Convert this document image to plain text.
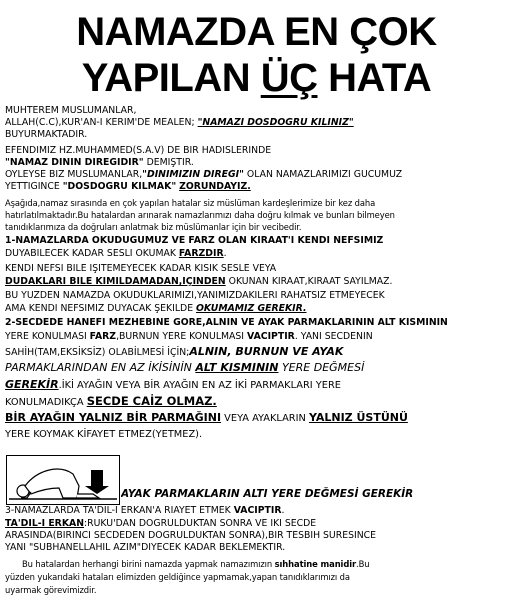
NAMAZDA EN ÇOK
YAPILAN ÜÇ HATA
MUHTEREM MÜSLÜMANLAR,
ALLAH(C.C),KUR'AN-I KERİM'DE MEALEN; "NAMAZI DOSDOĞRU KILINIZ"
BUYURMAKTADIR.
EFENDİMİZ HZ.MUHAMMED(S.A.V) DE BİR HADİSLERİNDE
"NAMAZ DİNİN DİREĞİDİR" DEMİŞTİR.
ÖYLEYSE BİZ MÜSLÜMANLAR,"DİNİMİZİN DİREĞİ" OLAN NAMAZLARIMIZI GÜCÜMÜZ
YETTİĞİNCE "DOSDOĞRU KILMAK" ZORUNDAYIZ.
Aşağıda,namaz sırasında en çok yapılan hatalar siz müslüman kardeşlerimize bir kez daha
hatırlatılmaktadır.Bu hatalardan arınarak namazlarımızı daha doğru kılmak ve bunları bilmeyen
tanıdıklarımıza da doğruları anlatmak biz müslümanlar için bir vecibedir.
1-NAMAZLARDA OKUDUĞUMUZ VE FARZ OLAN KIRAAT'İ KENDİ NEFSİMİZ
DUYABİLECEK KADAR SESLİ OKUMAK FARZDIR.
KENDİ NEFSİ BİLE İŞİTEMEYECEK KADAR KISIK SESLE VEYA
DUDAKLARI BİLE KIMILDAMADAN,İÇİNDEN OKUNAN KIRAAT,KIRAAT SAYILMAZ.
BU YÜZDEN NAMAZDA OKUDUKLARIMIZI,YANIMIZDAKİLERİ RAHATSIZ ETMEYECEK
AMA KENDİ NEFSİMİZ DUYACAK ŞEKİLDE OKUMAMIZ GEREKİR.
2-SECDEDE HANEFİ MEZHEBİNE GÖRE,ALNIN VE AYAK PARMAKLARININ ALT KISMININ
YERE KONULMASI FARZ,BURNUN YERE KONULMASI VACİPTİR. YANİ SECDENİN
SAHİH(TAM,EKSİKSİZ) OLABİLMESİ İÇİN;ALNIN, BURNUN VE AYAK
PARMAKLARINDAN EN AZ İKİSİNİN ALT KISMININ YERE DEĞMESİ
GEREKİR.İKİ AYAĞIN VEYA BİR AYAĞIN EN AZ İKİ PARMAKLARI YERE
KONULMADIKÇA SECDE CAİZ OLMAZ.
BİR AYAĞIN YALNIZ BİR PARMAĞINI VEYA AYAKLARIN YALNIZ ÜSTÜNÜ
YERE KOYMAK KİFAYET ETMEZ(YETMEZ).
AYAK PARMAKLARIN ALTI YERE DEĞMESİ GEREKİR
3-NAMAZLARDA TA'DİL-İ ERKAN'A RİAYET ETMEK VACİPTİR.
TA'DİL-İ ERKAN:RÜKU'DAN DOĞRULDUKTAN SONRA VE İKİ SECDE
ARASINDA(BİRİNCİ SECDEDEN DOĞRULDUKTAN SONRA),BİR TESBİH SÜRESİNCE
YANİ "SÜBHANELLAHİL AZİM"DİYECEK KADAR BEKLEMEKTİR.
Bu hatalardan herhangi birini namazda yapmak namazımızın sıhhatine manidir.Bu
yüzden yukarıdaki hataları elimizden geldiğince yapmamak,yapan tanıdıklarımızı da
uyarmak görevimizdir.
